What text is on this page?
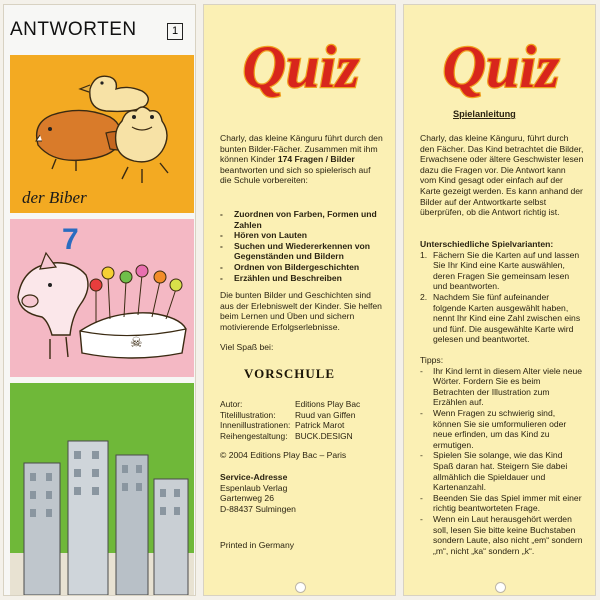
ANTWORTEN	1
der Biber
7
☠
Quiz

Charly, das kleine Känguru führt durch den bunten Bilder-Fächer. Zusammen mit ihm können Kinder 174 Fragen / Bilder beantworten und sich so spielerisch auf die Schule vorbereiten:

- Zuordnen von Farben, Formen und Zahlen
- Hören von Lauten
- Suchen und Wiedererkennen von Gegenständen und Bildern
- Ordnen von Bildergeschichten
- Erzählen und Beschreiben
Die bunten Bilder und Geschichten sind aus der Erlebniswelt der Kinder. Sie helfen beim Lernen und Üben und sichern motivierende Erfolgserlebnisse.
Viel Spaß bei:
VORSCHULE
Autor:	Editions Play Bac
Titelillustration:	Ruud van Giffen
Innenillustrationen: Patrick Marot
Reihengestaltung: BUCK.DESIGN
© 2004 Editions Play Bac – Paris

Service-Adresse

Espenlaub Verlag

Gartenweg 26

D-88437 Sulmingen

Printed in Germany
Quiz
Spielanleitung
Charly, das kleine Känguru, führt durch den Fächer. Das Kind betrachtet die Bilder, Erwachsene oder ältere Geschwister lesen dazu die Fragen vor. Die Antwort kann vom Kind gesagt oder einfach auf der Karte gezeigt werden. Es kann anhand der Bilder auf der Antwortkarte selbst überprüfen, ob die Antwort richtig ist.

Unterschiedliche Spielvarianten:

1. Fächern Sie die Karten auf und lassen Sie Ihr Kind eine Karte auswählen, deren Fragen Sie gemeinsam lesen und beantworten.
2. Nachdem Sie fünf aufeinander folgende Karten ausgewählt haben, nennt Ihr Kind eine Zahl zwischen eins und fünf. Die ausgewählte Karte wird gelesen und beantwortet.

Tipps:

- Ihr Kind lernt in diesem Alter viele neue Wörter. Fordern Sie es beim Betrachten der Illustration zum Erzählen auf.
- Wenn Fragen zu schwierig sind, können Sie sie umformulieren oder neue erfinden, um das Kind zu ermutigen.
- Spielen Sie solange, wie das Kind Spaß daran hat. Steigern Sie dabei allmählich die Spieldauer und Kartenanzahl.
- Beenden Sie das Spiel immer mit einer richtig beantworteten Frage.
- Wenn ein Laut herausgehört werden soll, lesen Sie bitte keine Buchstaben sondern Laute, also nicht „em“ sondern „m“, nicht „ka“ sondern „k“.
